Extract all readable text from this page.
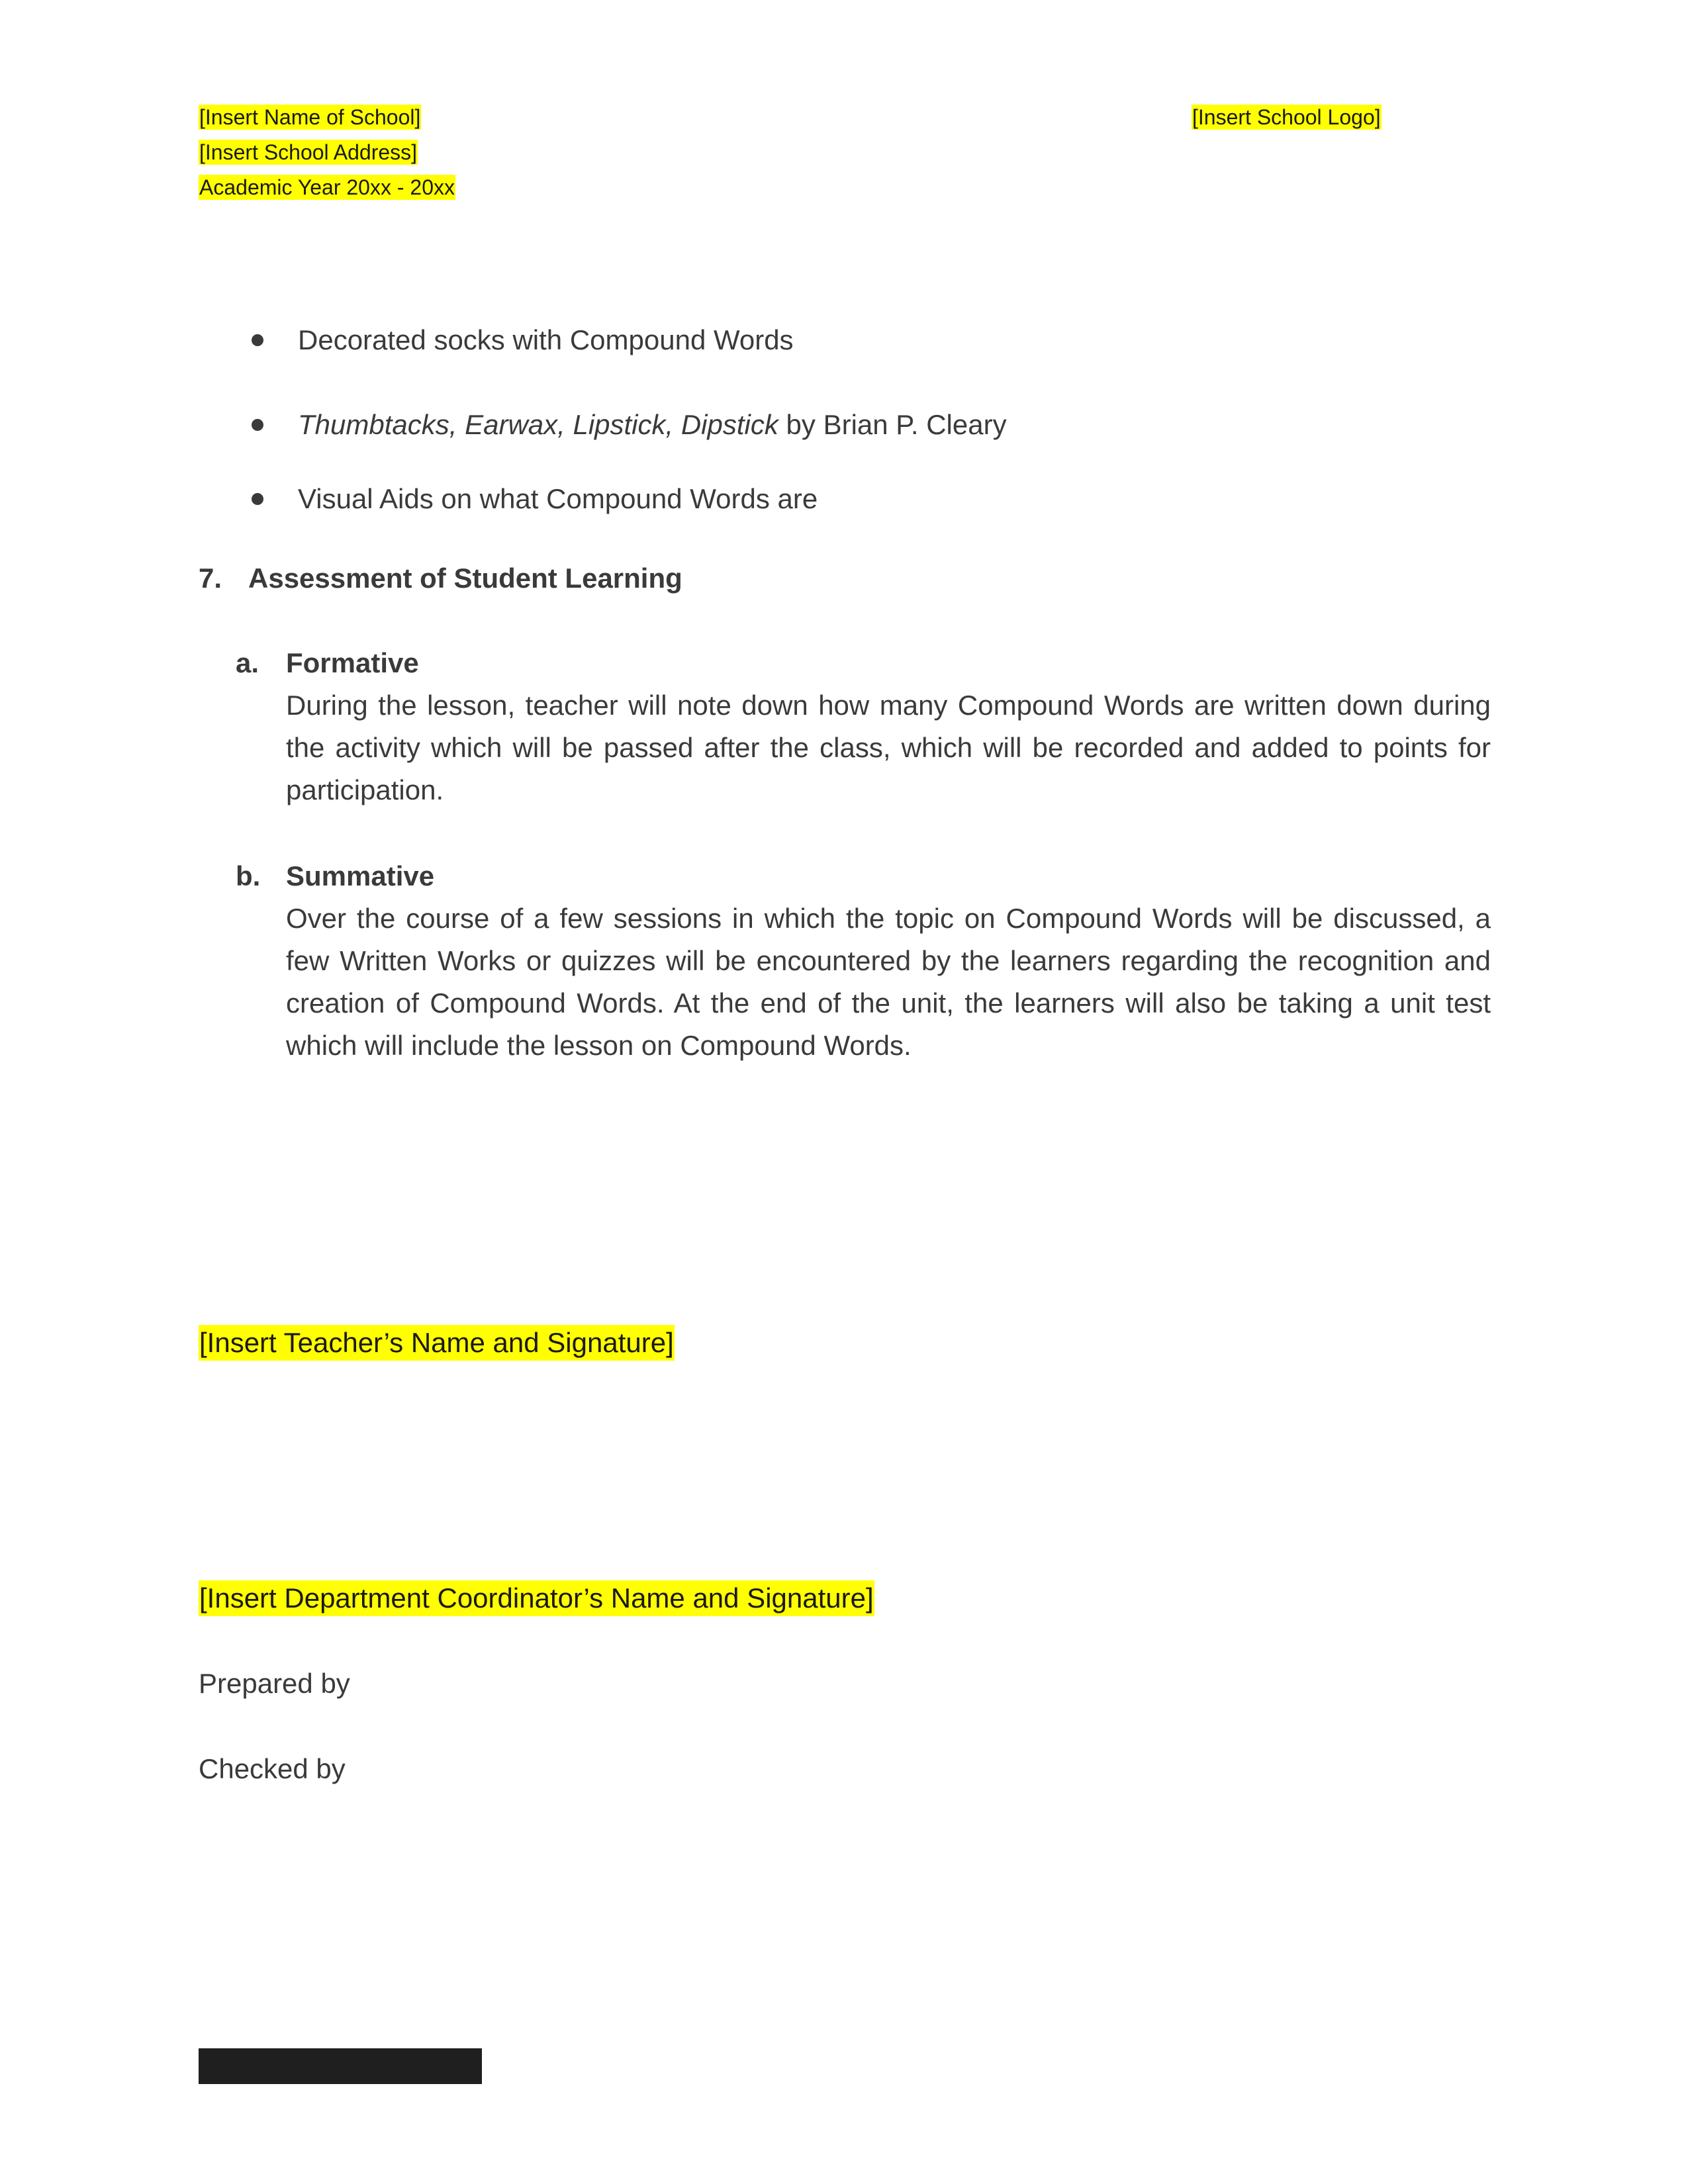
[Insert Name of School]
[Insert School Address]
Academic Year 20xx - 20xx
[Insert School Logo]
Decorated socks with Compound Words
Thumbtacks, Earwax, Lipstick, Dipstick by Brian P. Cleary
Visual Aids on what Compound Words are
7. Assessment of Student Learning
a. Formative
During the lesson, teacher will note down how many Compound Words are written down during the activity which will be passed after the class, which will be recorded and added to points for participation.
b. Summative
Over the course of a few sessions in which the topic on Compound Words will be discussed, a few Written Works or quizzes will be encountered by the learners regarding the recognition and creation of Compound Words. At the end of the unit, the learners will also be taking a unit test which will include the lesson on Compound Words.
[Insert Teacher’s Name and Signature]
[Insert Department Coordinator’s Name and Signature]
Prepared by
Checked by
